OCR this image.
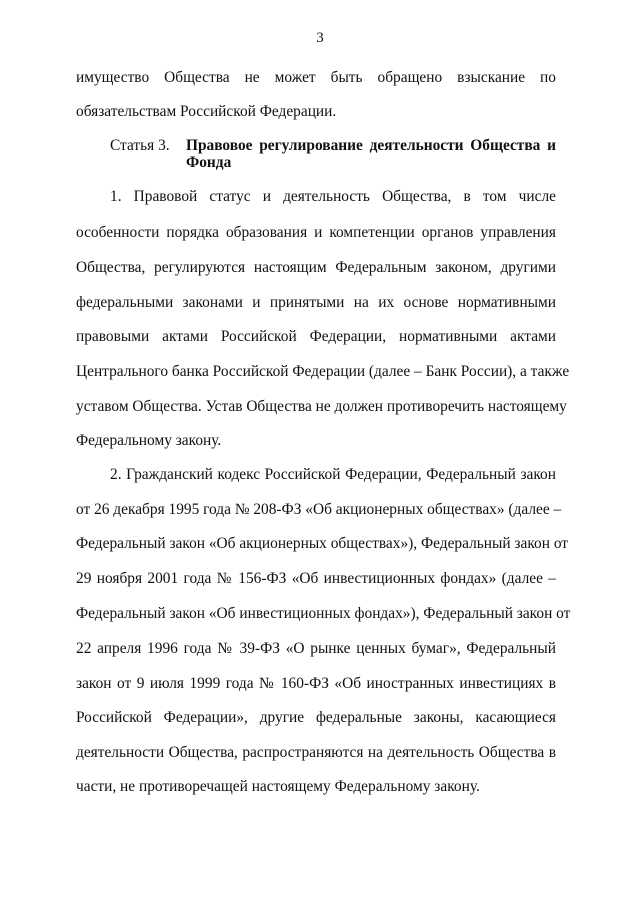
3
имущество Общества не может быть обращено взыскание по
обязательствам Российской Федерации.
Статья 3. Правовое регулирование деятельности Общества и
Фонда
1. Правовой статус и деятельность Общества, в том числе
особенности порядка образования и компетенции органов управления
Общества, регулируются настоящим Федеральным законом, другими
федеральными законами и принятыми на их основе нормативными
правовыми актами Российской Федерации, нормативными актами
Центрального банка Российской Федерации (далее – Банк России), а также
уставом Общества. Устав Общества не должен противоречить настоящему
Федеральному закону.
2. Гражданский кодекс Российской Федерации, Федеральный закон
от 26 декабря 1995 года № 208-ФЗ «Об акционерных обществах» (далее –
Федеральный закон «Об акционерных обществах»), Федеральный закон от
29 ноября 2001 года № 156-ФЗ «Об инвестиционных фондах» (далее –
Федеральный закон «Об инвестиционных фондах»), Федеральный закон от
22 апреля 1996 года № 39-ФЗ «О рынке ценных бумаг», Федеральный
закон от 9 июля 1999 года № 160-ФЗ «Об иностранных инвестициях в
Российской Федерации», другие федеральные законы, касающиеся
деятельности Общества, распространяются на деятельность Общества в
части, не противоречащей настоящему Федеральному закону.
